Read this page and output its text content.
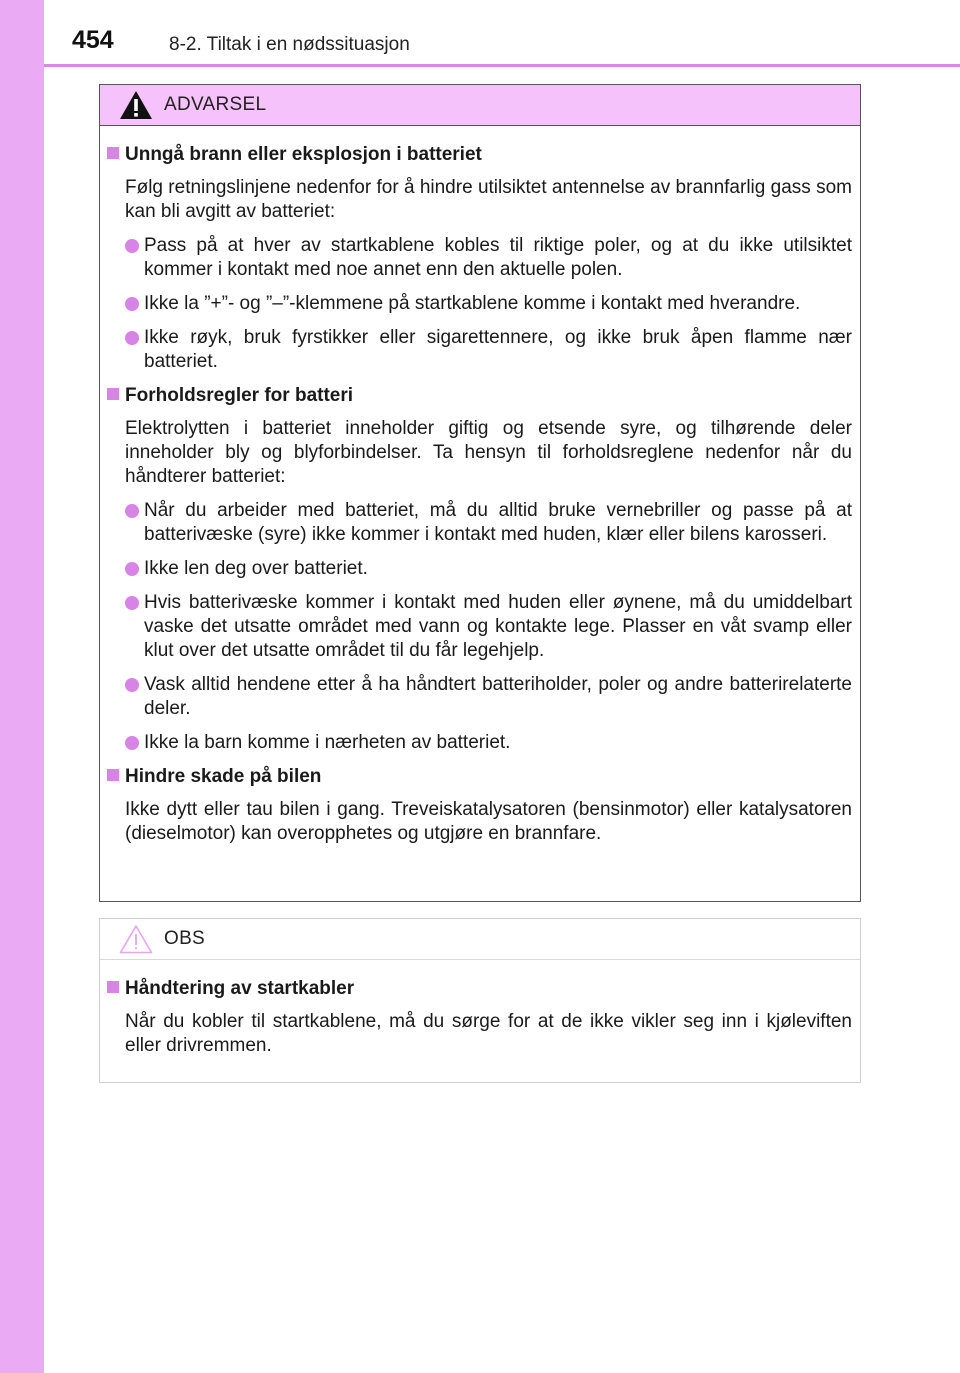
454	8-2. Tiltak i en nødssituasjon
ADVARSEL

Unngå brann eller eksplosjon i batteriet

Følg retningslinjene nedenfor for å hindre utilsiktet antennelse av brannfarlig gass som kan bli avgitt av batteriet:

Pass på at hver av startkablene kobles til riktige poler, og at du ikke utilsiktet kommer i kontakt med noe annet enn den aktuelle polen.

Ikke la ”+”- og ”–”-klemmene på startkablene komme i kontakt med hverandre.

Ikke røyk, bruk fyrstikker eller sigarettennere, og ikke bruk åpen flamme nær batteriet.

Forholdsregler for batteri

Elektrolytten i batteriet inneholder giftig og etsende syre, og tilhørende deler inneholder bly og blyforbindelser. Ta hensyn til forholdsreglene nedenfor når du håndterer batteriet:

Når du arbeider med batteriet, må du alltid bruke vernebriller og passe på at batterivæske (syre) ikke kommer i kontakt med huden, klær eller bilens karosseri.

Ikke len deg over batteriet.

Hvis batterivæske kommer i kontakt med huden eller øynene, må du umiddelbart vaske det utsatte området med vann og kontakte lege. Plasser en våt svamp eller klut over det utsatte området til du får legehjelp.

Vask alltid hendene etter å ha håndtert batteriholder, poler og andre batterirelaterte deler.

Ikke la barn komme i nærheten av batteriet.

Hindre skade på bilen

Ikke dytt eller tau bilen i gang. Treveiskatalysatoren (bensinmotor) eller katalysatoren (dieselmotor) kan overopphetes og utgjøre en brannfare.

OBS

Håndtering av startkabler

Når du kobler til startkablene, må du sørge for at de ikke vikler seg inn i kjøleviften eller drivremmen.
